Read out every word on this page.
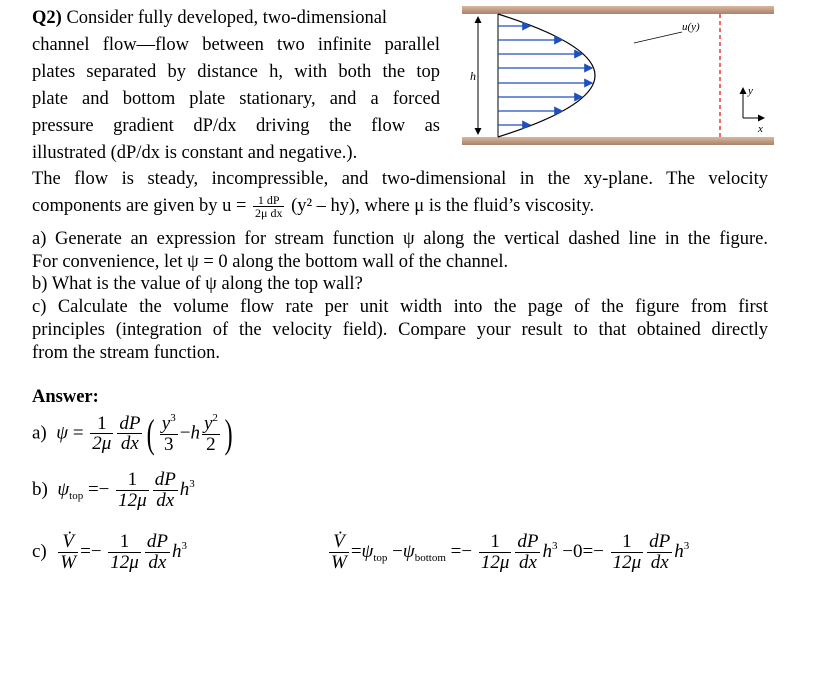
Q2) Consider fully developed, two-dimensional
channel flow—flow between two infinite parallel
plates separated by distance h, with both the top
plate and bottom plate stationary, and a forced
pressure gradient dP/dx driving the flow as
illustrated (dP/dx is constant and negative.).
The flow is steady, incompressible, and two-dimensional in the xy-plane. The velocity
components are given by $u = \frac{1 dP}{\text{2μ dx}} (y^2 - hy)$, where μ is the fluid’s viscosity.
a) Generate an expression for stream function ψ along the vertical dashed line in the figure.
For convenience, let ψ = 0 along the bottom wall of the channel.
b) What is the value of ψ along the top wall?
c) Calculate the volume flow rate per unit width into the page of the figure from first
principles (integration of the velocity field). Compare your result to that obtained directly
from the stream function.
h
u(y)
y
x
Answer:
a) $\psi = \frac{1}{2\mu} \frac{dP}{dx}$ ( $\frac{y^3}{3} -h \frac{y^2}{2}$ )
b) $\psi_{top} =- \frac{1}{12\mu} \frac{dP}{dx} h^3$
$c) \frac{V̇}{W} =- \frac{1}{12\mu} \frac{dP}{dx} h^3$	$\frac{V̇}{W} =\psi_{top} -\psi_{bottom} =- \frac{1}{12\mu} \frac{dP}{dx} h^3 -0=- \frac{1}{12\mu} \frac{dP}{dx} h^3$
